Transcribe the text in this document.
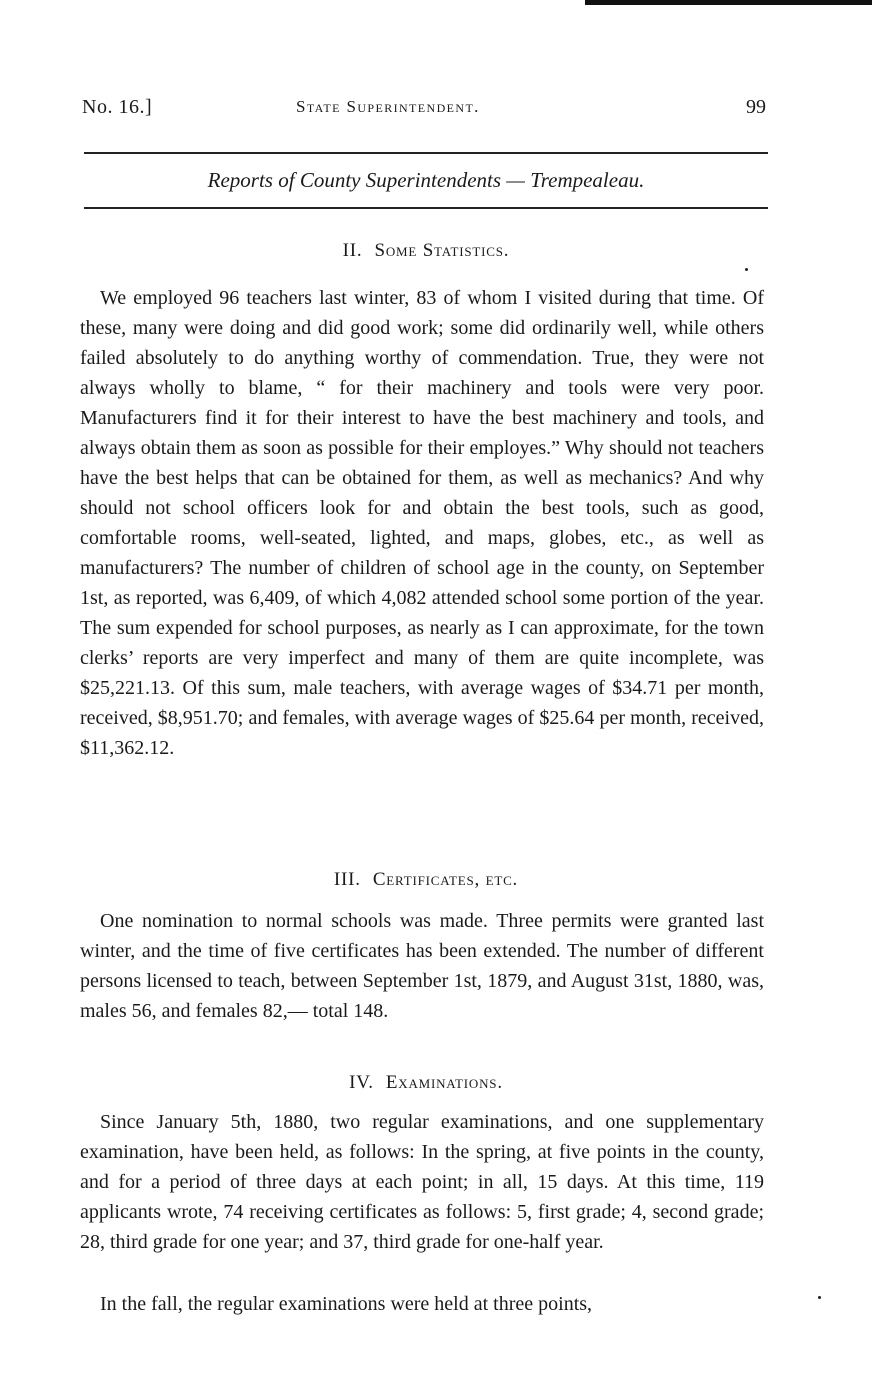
No. 16.]	State Superintendent.	99
Reports of County Superintendents — Trempealeau.
II. Some Statistics.
We employed 96 teachers last winter, 83 of whom I visited during that time. Of these, many were doing and did good work; some did ordinarily well, while others failed absolutely to do anything worthy of commendation. True, they were not always wholly to blame, “ for their machinery and tools were very poor. Manufacturers find it for their interest to have the best machinery and tools, and always obtain them as soon as possible for their employes.” Why should not teachers have the best helps that can be obtained for them, as well as mechanics? And why should not school officers look for and obtain the best tools, such as good, comfortable rooms, well-seated, lighted, and maps, globes, etc., as well as manufacturers? The number of children of school age in the county, on September 1st, as reported, was 6,409, of which 4,082 attended school some portion of the year. The sum expended for school purposes, as nearly as I can approximate, for the town clerks’ reports are very imperfect and many of them are quite incomplete, was $25,221.13. Of this sum, male teachers, with average wages of $34.71 per month, received, $8,951.70; and females, with average wages of $25.64 per month, received, $11,362.12.
III. Certificates, etc.
One nomination to normal schools was made. Three permits were granted last winter, and the time of five certificates has been extended. The number of different persons licensed to teach, between September 1st, 1879, and August 31st, 1880, was, males 56, and females 82,— total 148.
IV. Examinations.
Since January 5th, 1880, two regular examinations, and one supplementary examination, have been held, as follows: In the spring, at five points in the county, and for a period of three days at each point; in all, 15 days. At this time, 119 applicants wrote, 74 receiving certificates as follows: 5, first grade; 4, second grade; 28, third grade for one year; and 37, third grade for one-half year.
In the fall, the regular examinations were held at three points,
